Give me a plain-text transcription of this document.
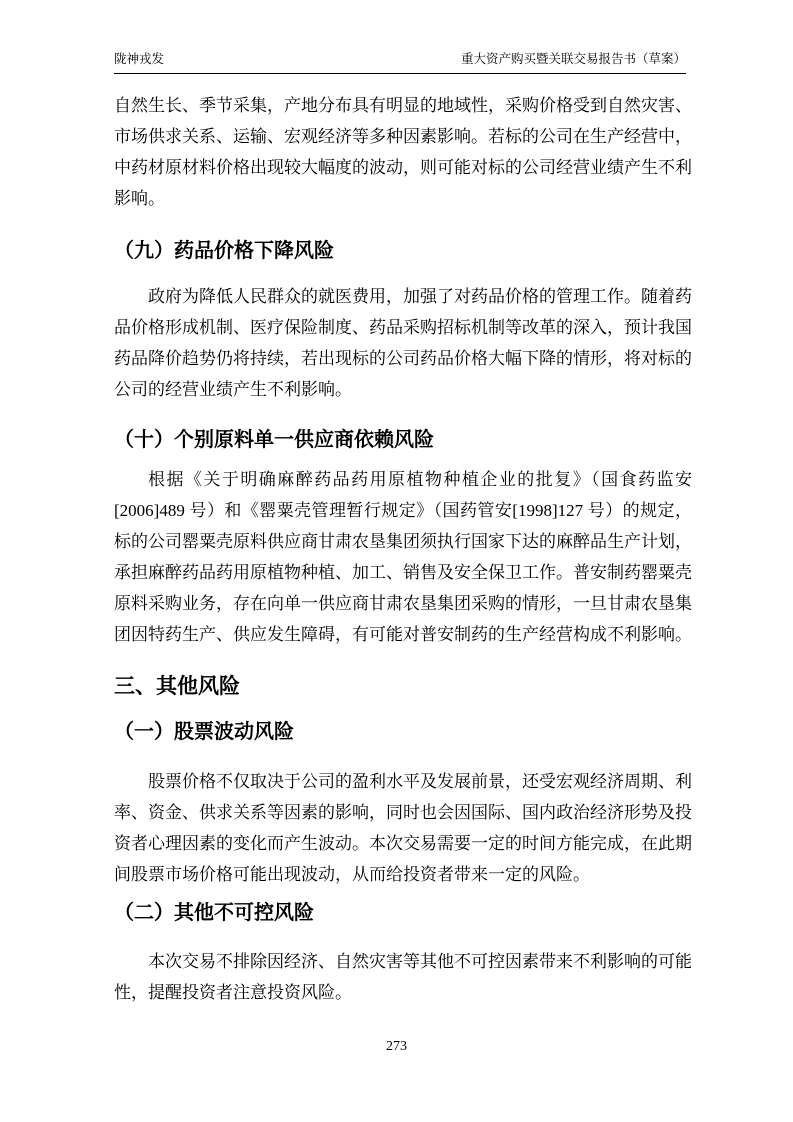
陇神戎发	重大资产购买暨关联交易报告书（草案）

自然生长、季节采集，产地分布具有明显的地域性，采购价格受到自然灾害、市场供求关系、运输、宏观经济等多种因素影响。若标的公司在生产经营中，中药材原材料价格出现较大幅度的波动，则可能对标的公司经营业绩产生不利影响。

（九）药品价格下降风险

政府为降低人民群众的就医费用，加强了对药品价格的管理工作。随着药品价格形成机制、医疗保险制度、药品采购招标机制等改革的深入，预计我国药品降价趋势仍将持续，若出现标的公司药品价格大幅下降的情形，将对标的公司的经营业绩产生不利影响。

（十）个别原料单一供应商依赖风险

根据《关于明确麻醉药品药用原植物种植企业的批复》（国食药监安[2006]489 号）和《罂粟壳管理暂行规定》（国药管安[1998]127 号）的规定，标的公司罂粟壳原料供应商甘肃农垦集团须执行国家下达的麻醉品生产计划，承担麻醉药品药用原植物种植、加工、销售及安全保卫工作。普安制药罂粟壳原料采购业务，存在向单一供应商甘肃农垦集团采购的情形，一旦甘肃农垦集团因特药生产、供应发生障碍，有可能对普安制药的生产经营构成不利影响。

三、其他风险
（一）股票波动风险

股票价格不仅取决于公司的盈利水平及发展前景，还受宏观经济周期、利率、资金、供求关系等因素的影响，同时也会因国际、国内政治经济形势及投资者心理因素的变化而产生波动。本次交易需要一定的时间方能完成，在此期间股票市场价格可能出现波动，从而给投资者带来一定的风险。

（二）其他不可控风险

本次交易不排除因经济、自然灾害等其他不可控因素带来不利影响的可能性，提醒投资者注意投资风险。

273
